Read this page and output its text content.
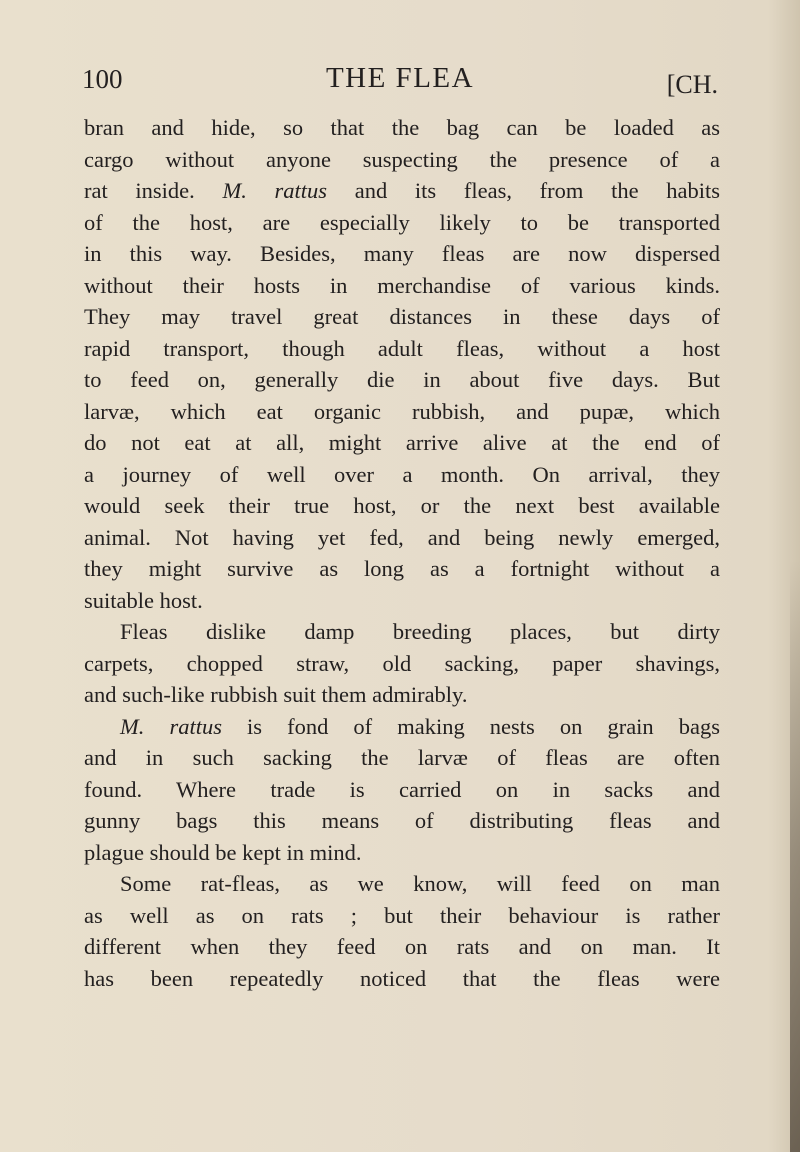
100	THE FLEA	[CH.
bran and hide, so that the bag can be loaded as
cargo without anyone suspecting the presence of a
rat inside. M. rattus and its fleas, from the habits
of the host, are especially likely to be transported
in this way. Besides, many fleas are now dispersed
without their hosts in merchandise of various kinds.
They may travel great distances in these days of
rapid transport, though adult fleas, without a host
to feed on, generally die in about five days. But
larvæ, which eat organic rubbish, and pupæ, which
do not eat at all, might arrive alive at the end of
a journey of well over a month. On arrival, they
would seek their true host, or the next best available
animal. Not having yet fed, and being newly emerged,
they might survive as long as a fortnight without a
suitable host.
Fleas dislike damp breeding places, but dirty
carpets, chopped straw, old sacking, paper shavings,
and such-like rubbish suit them admirably.
M. rattus is fond of making nests on grain bags
and in such sacking the larvæ of fleas are often
found. Where trade is carried on in sacks and
gunny bags this means of distributing fleas and
plague should be kept in mind.
Some rat-fleas, as we know, will feed on man
as well as on rats ; but their behaviour is rather
different when they feed on rats and on man. It
has been repeatedly noticed that the fleas were
